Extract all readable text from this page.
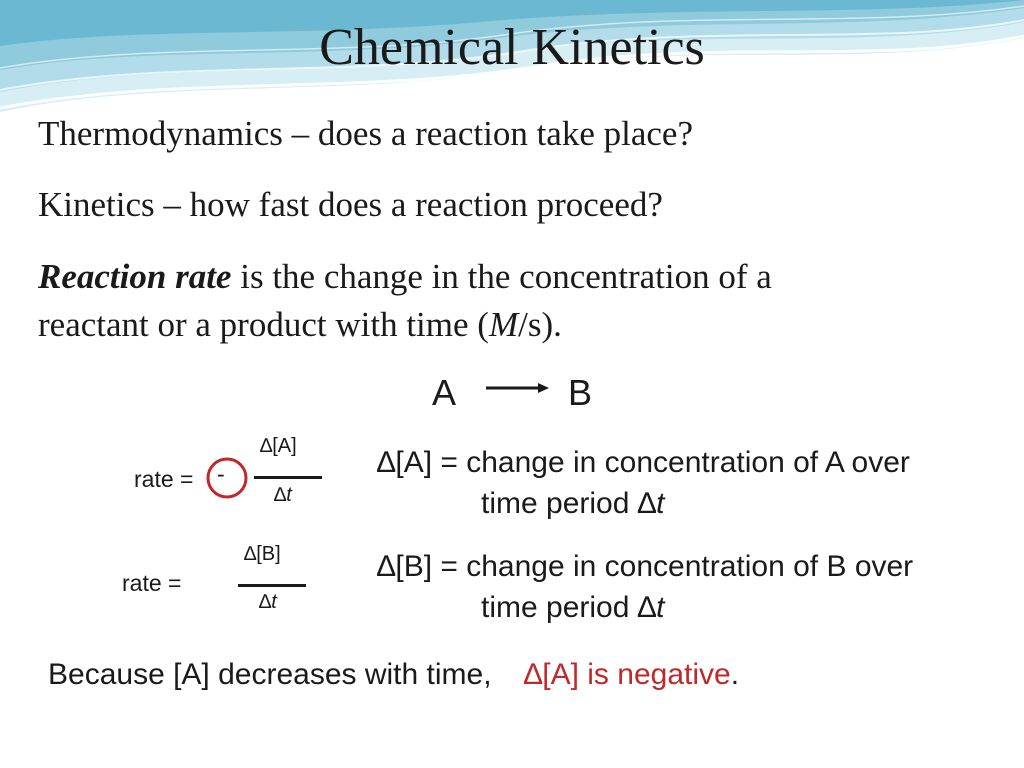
Chemical Kinetics
Thermodynamics – does a reaction take place?
Kinetics – how fast does a reaction proceed?
Reaction rate is the change in the concentration of a
reactant or a product with time (M/s).
A → B
rate = -
∆[A]
∆t
rate =
∆[B]
∆t
∆[A] = change in concentration of A over
time period ∆t
∆[B] = change in concentration of B over
time period ∆t
Because [A] decreases with time, ∆[A] is negative.
